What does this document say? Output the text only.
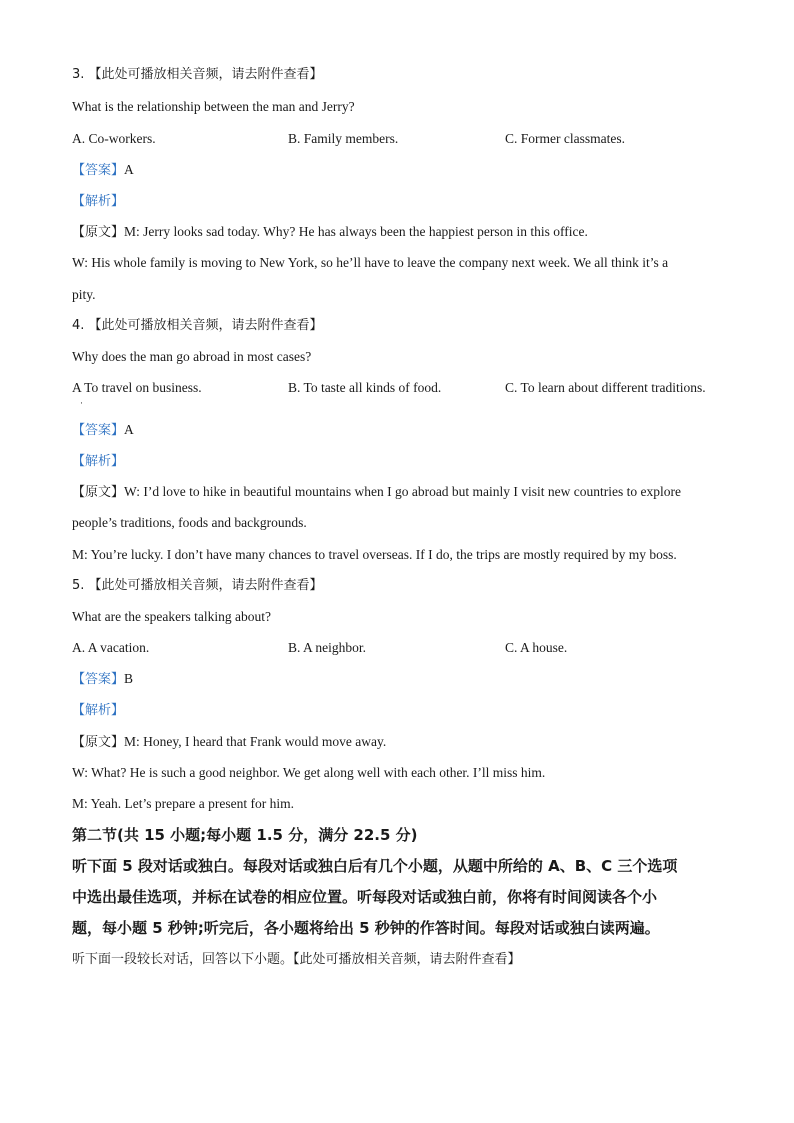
3. 【此处可播放相关音频，请去附件查看】
What is the relationship between the man and Jerry?
A. Co-workers.	B. Family members.	C. Former classmates.
【答案】A
【解析】
【原文】M: Jerry looks sad today. Why? He has always been the happiest person in this office.
W: His whole family is moving to New York, so he’ll have to leave the company next week. We all think it’s a
pity.
4. 【此处可播放相关音频，请去附件查看】
Why does the man go abroad in most cases?
A To travel on business.	B. To taste all kinds of food.	C. To learn about different traditions.
·
【答案】A
【解析】
【原文】W: I’d love to hike in beautiful mountains when I go abroad but mainly I visit new countries to explore
people’s traditions, foods and backgrounds.
M: You’re lucky. I don’t have many chances to travel overseas. If I do, the trips are mostly required by my boss.
5. 【此处可播放相关音频，请去附件查看】
What are the speakers talking about?
A. A vacation.	B. A neighbor.	C. A house.
【答案】B
【解析】
【原文】M: Honey, I heard that Frank would move away.
W: What? He is such a good neighbor. We get along well with each other. I’ll miss him.
M: Yeah. Let’s prepare a present for him.
第二节(共 15 小题;每小题 1.5 分，满分 22.5 分)
听下面 5 段对话或独白。每段对话或独白后有几个小题，从题中所给的 A、B、C 三个选项
中选出最佳选项，并标在试卷的相应位置。听每段对话或独白前，你将有时间阅读各个小
题，每小题 5 秒钟;听完后，各小题将给出 5 秒钟的作答时间。每段对话或独白读两遍。
听下面一段较长对话，回答以下小题。【此处可播放相关音频，请去附件查看】
